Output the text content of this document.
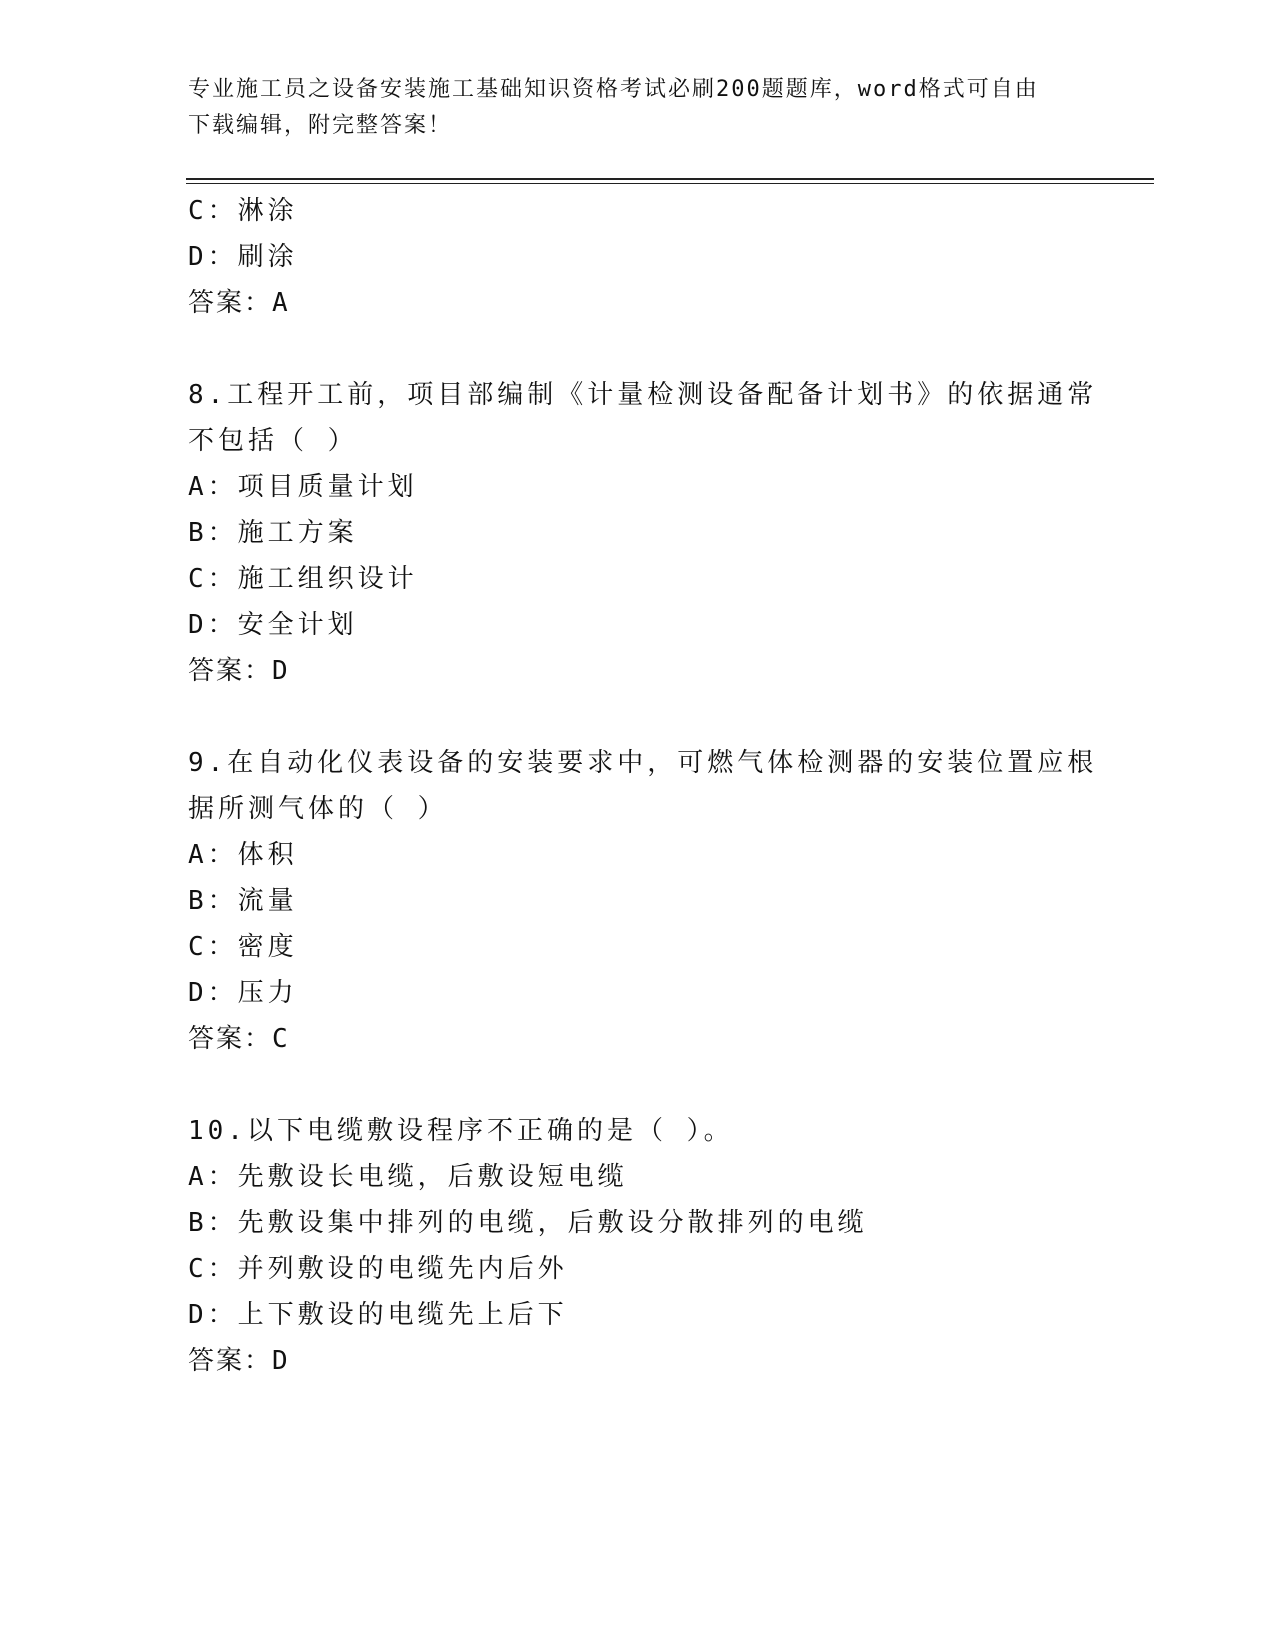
专业施工员之设备安装施工基础知识资格考试必刷200题题库，word格式可自由
下载编辑，附完整答案！
C：淋涂
D：刷涂
答案：A
8.工程开工前，项目部编制《计量检测设备配备计划书》的依据通常
不包括（ ）
A：项目质量计划
B：施工方案
C：施工组织设计
D：安全计划
答案：D
9.在自动化仪表设备的安装要求中，可燃气体检测器的安装位置应根
据所测气体的（ ）
A：体积
B：流量
C：密度
D：压力
答案：C
10.以下电缆敷设程序不正确的是（ ）。
A：先敷设长电缆，后敷设短电缆
B：先敷设集中排列的电缆，后敷设分散排列的电缆
C：并列敷设的电缆先内后外
D：上下敷设的电缆先上后下
答案：D
